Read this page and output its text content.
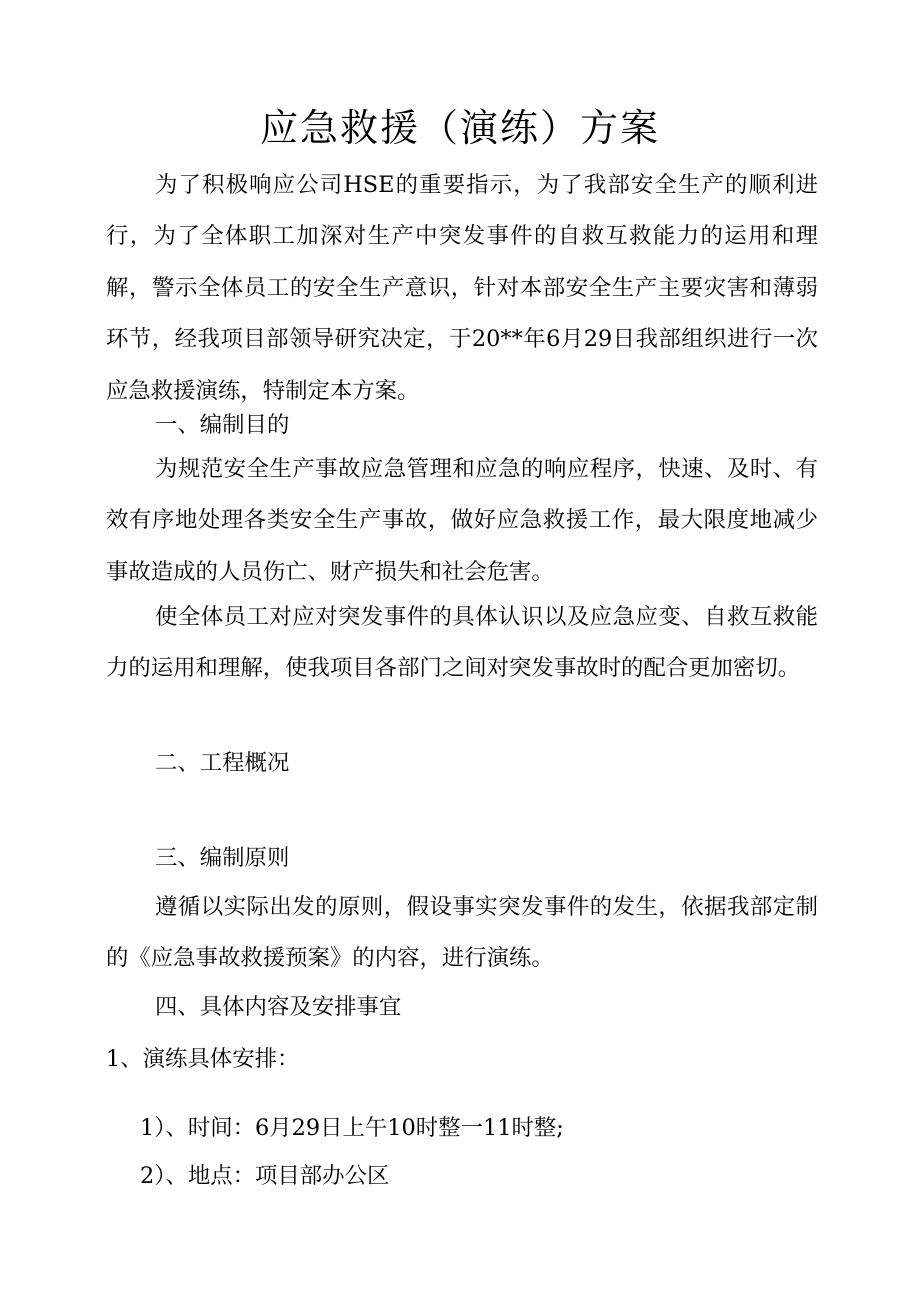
应急救援（演练）方案

为了积极响应公司HSE的重要指示，为了我部安全生产的顺利进行，为了全体职工加深对生产中突发事件的自救互救能力的运用和理解，警示全体员工的安全生产意识，针对本部安全生产主要灾害和薄弱环节，经我项目部领导研究决定，于20**年6月29日我部组织进行一次应急救援演练，特制定本方案。

一、编制目的

为规范安全生产事故应急管理和应急的响应程序，快速、及时、有效有序地处理各类安全生产事故，做好应急救援工作，最大限度地减少事故造成的人员伤亡、财产损失和社会危害。

使全体员工对应对突发事件的具体认识以及应急应变、自救互救能力的运用和理解，使我项目各部门之间对突发事故时的配合更加密切。

二、工程概况

三、编制原则

遵循以实际出发的原则，假设事实突发事件的发生，依据我部定制的《应急事故救援预案》的内容，进行演练。

四、具体内容及安排事宜

1、演练具体安排：

1）、时间：6月29日上午10时整一11时整;

2）、地点：项目部办公区
